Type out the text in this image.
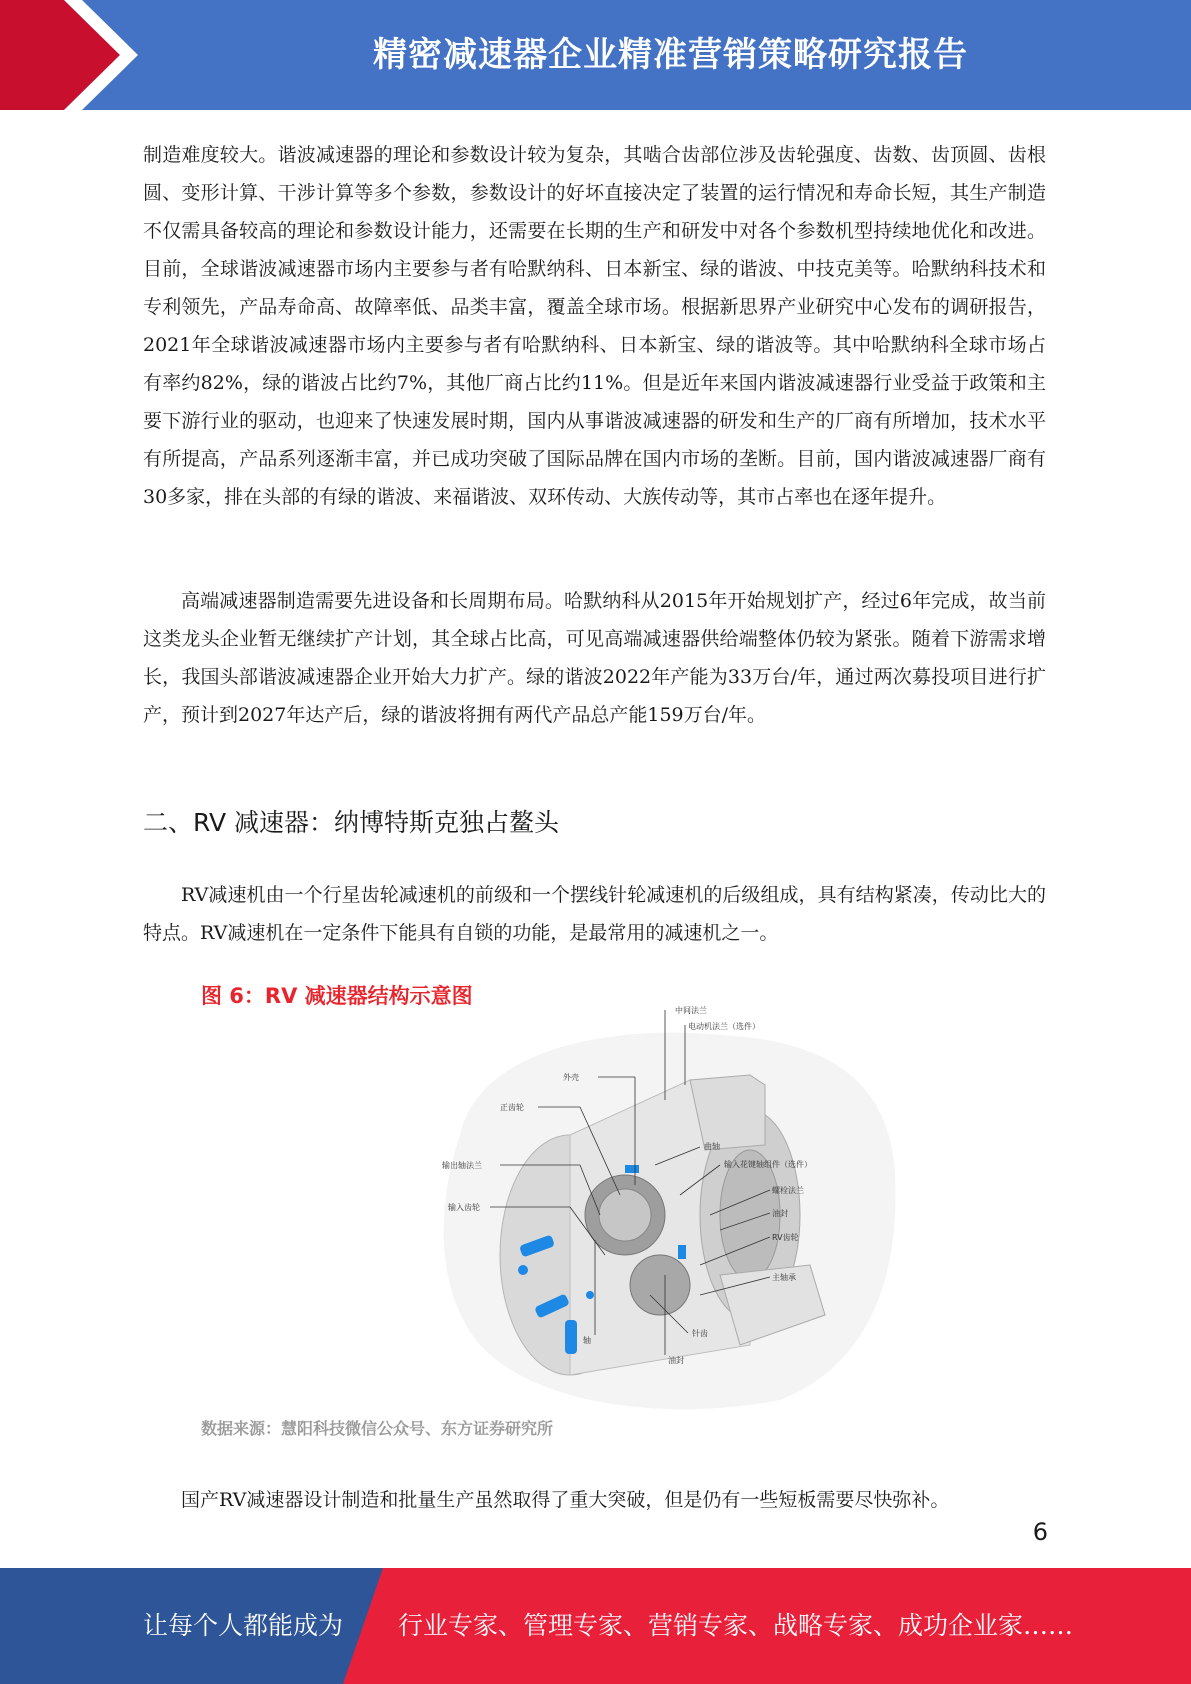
精密减速器企业精准营销策略研究报告

制造难度较大。谐波减速器的理论和参数设计较为复杂，其啮合齿部位涉及齿轮强度、齿数、齿顶圆、齿根圆、变形计算、干涉计算等多个参数，参数设计的好坏直接决定了装置的运行情况和寿命长短，其生产制造不仅需具备较高的理论和参数设计能力，还需要在长期的生产和研发中对各个参数机型持续地优化和改进。目前，全球谐波减速器市场内主要参与者有哈默纳科、日本新宝、绿的谐波、中技克美等。哈默纳科技术和专利领先，产品寿命高、故障率低、品类丰富，覆盖全球市场。根据新思界产业研究中心发布的调研报告，2021年全球谐波减速器市场内主要参与者有哈默纳科、日本新宝、绿的谐波等。其中哈默纳科全球市场占有率约82%，绿的谐波占比约7%，其他厂商占比约11%。但是近年来国内谐波减速器行业受益于政策和主要下游行业的驱动，也迎来了快速发展时期，国内从事谐波减速器的研发和生产的厂商有所增加，技术水平有所提高，产品系列逐渐丰富，并已成功突破了国际品牌在国内市场的垄断。目前，国内谐波减速器厂商有30多家，排在头部的有绿的谐波、来福谐波、双环传动、大族传动等，其市占率也在逐年提升。

高端减速器制造需要先进设备和长周期布局。哈默纳科从2015年开始规划扩产，经过6年完成，故当前这类龙头企业暂无继续扩产计划，其全球占比高，可见高端减速器供给端整体仍较为紧张。随着下游需求增长，我国头部谐波减速器企业开始大力扩产。绿的谐波2022年产能为33万台/年，通过两次募投项目进行扩产，预计到2027年达产后，绿的谐波将拥有两代产品总产能159万台/年。

二、RV 减速器：纳博特斯克独占鳌头

RV减速机由一个行星齿轮减速机的前级和一个摆线针轮减速机的后级组成，具有结构紧凑，传动比大的特点。RV减速机在一定条件下能具有自锁的功能，是最常用的减速机之一。

图 6：RV 减速器结构示意图
中间法兰
电动机法兰（选件）
外壳
正齿轮
曲轴
输出轴法兰	输入花键轴组件（选件）
螺栓法兰
输入齿轮
油封
RV齿轮
主轴承
轴
针齿
油封
数据来源：慧阳科技微信公众号、东方证券研究所

国产RV减速器设计制造和批量生产虽然取得了重大突破，但是仍有一些短板需要尽快弥补。

6
让每个人都能成为 行业专家、管理专家、营销专家、战略专家、成功企业家……
